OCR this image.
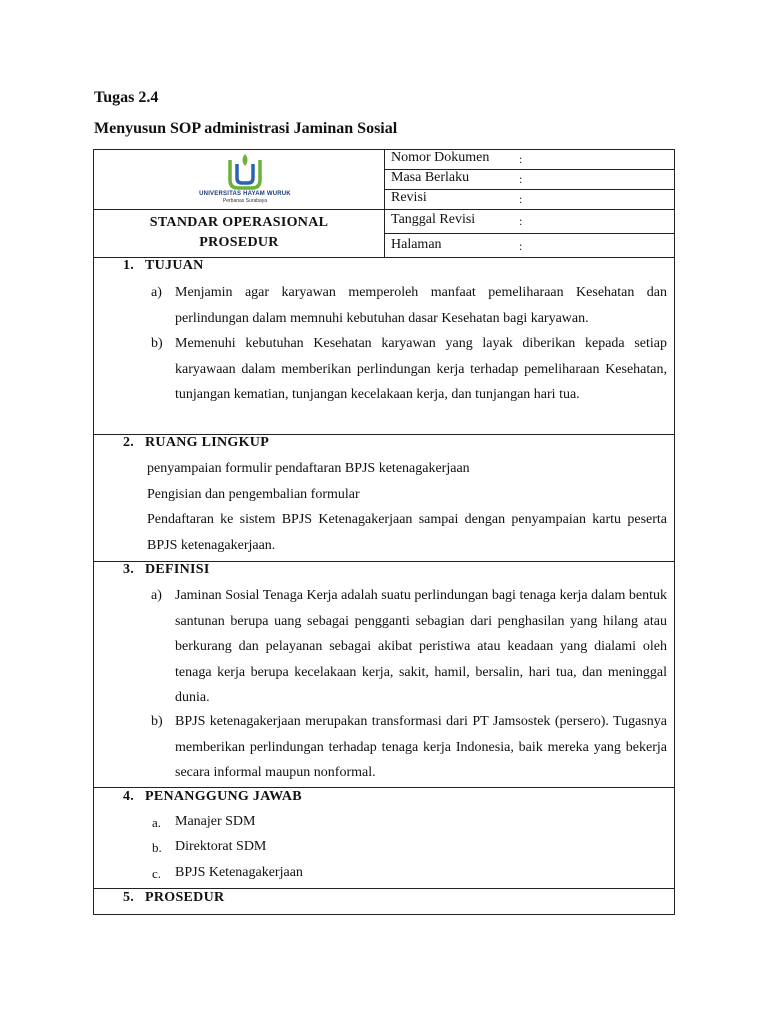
Tugas 2.4
Menyusun SOP administrasi Jaminan Sosial
UNIVERSITAS HAYAM WURUK
Perbanas Surabaya
STANDAR OPERASIONAL
PROSEDUR
Nomor Dokumen :
Masa Berlaku	:
Revisi	:
Tanggal Revisi	:
Halaman	:
1. TUJUAN
a) Menjamin agar karyawan memperoleh manfaat pemeliharaan Kesehatan dan perlindungan dalam memnuhi kebutuhan dasar Kesehatan bagi karyawan.
b) Memenuhi kebutuhan Kesehatan karyawan yang layak diberikan kepada setiap karyawaan dalam memberikan perlindungan kerja terhadap pemeliharaan Kesehatan, tunjangan kematian, tunjangan kecelakaan kerja, dan tunjangan hari tua.
2. RUANG LINGKUP
penyampaian formulir pendaftaran BPJS ketenagakerjaan
Pengisian dan pengembalian formular
Pendaftaran ke sistem BPJS Ketenagakerjaan sampai dengan penyampaian kartu peserta BPJS ketenagakerjaan.
3. DEFINISI
a) Jaminan Sosial Tenaga Kerja adalah suatu perlindungan bagi tenaga kerja dalam bentuk santunan berupa uang sebagai pengganti sebagian dari penghasilan yang hilang atau berkurang dan pelayanan sebagai akibat peristiwa atau keadaan yang dialami oleh tenaga kerja berupa kecelakaan kerja, sakit, hamil, bersalin, hari tua, dan meninggal dunia.
b) BPJS ketenagakerjaan merupakan transformasi dari PT Jamsostek (persero). Tugasnya memberikan perlindungan terhadap tenaga kerja Indonesia, baik mereka yang bekerja secara informal maupun nonformal.
4. PENANGGUNG JAWAB
a. Manajer SDM
b. Direktorat SDM
c. BPJS Ketenagakerjaan
5. PROSEDUR
